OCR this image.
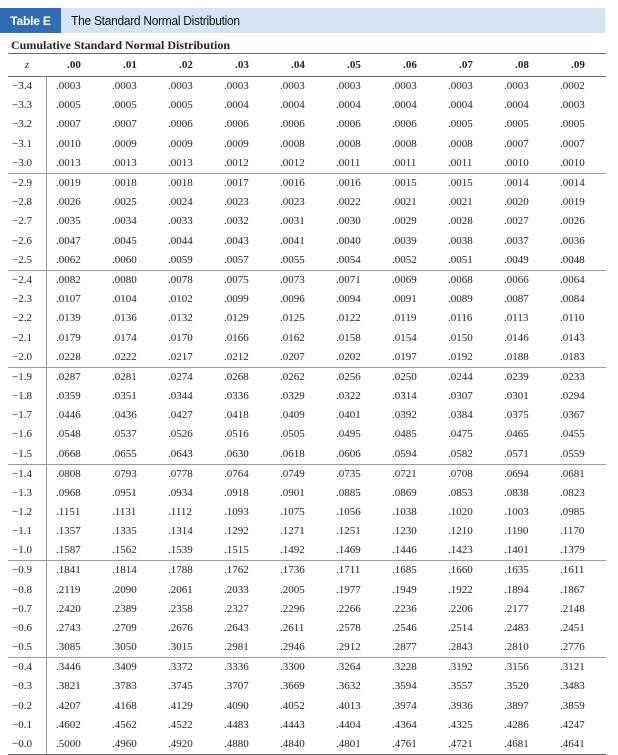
Table E	The Standard Normal Distribution
Cumulative Standard Normal Distribution
z	.00	.01	.02	.03	.04	.05	.06	.07	.08	.09
−3.4	.0003	.0003	.0003	.0003	.0003	.0003	.0003	.0003	.0003	.0002
−3.3	.0005	.0005	.0005	.0004	.0004	.0004	.0004	.0004	.0004	.0003
−3.2	.0007	.0007	.0006	.0006	.0006	.0006	.0006	.0005	.0005	.0005
−3.1	.0010	.0009	.0009	.0009	.0008	.0008	.0008	.0008	.0007	.0007
−3.0	.0013	.0013	.0013	.0012	.0012	.0011	.0011	.0011	.0010	.0010
−2.9	.0019	.0018	.0018	.0017	.0016	.0016	.0015	.0015	.0014	.0014
−2.8	.0026	.0025	.0024	.0023	.0023	.0022	.0021	.0021	.0020	.0019
−2.7	.0035	.0034	.0033	.0032	.0031	.0030	.0029	.0028	.0027	.0026
−2.6	.0047	.0045	.0044	.0043	.0041	.0040	.0039	.0038	.0037	.0036
−2.5	.0062	.0060	.0059	.0057	.0055	.0054	.0052	.0051	.0049	.0048
−2.4	.0082	.0080	.0078	.0075	.0073	.0071	.0069	.0068	.0066	.0064
−2.3	.0107	.0104	.0102	.0099	.0096	.0094	.0091	.0089	.0087	.0084
−2.2	.0139	.0136	.0132	.0129	.0125	.0122	.0119	.0116	.0113	.0110
−2.1	.0179	.0174	.0170	.0166	.0162	.0158	.0154	.0150	.0146	.0143
−2.0	.0228	.0222	.0217	.0212	.0207	.0202	.0197	.0192	.0188	.0183
−1.9	.0287	.0281	.0274	.0268	.0262	.0256	.0250	.0244	.0239	.0233
−1.8	.0359	.0351	.0344	.0336	.0329	.0322	.0314	.0307	.0301	.0294
−1.7	.0446	.0436	.0427	.0418	.0409	.0401	.0392	.0384	.0375	.0367
−1.6	.0548	.0537	.0526	.0516	.0505	.0495	.0485	.0475	.0465	.0455
−1.5	.0668	.0655	.0643	.0630	.0618	.0606	.0594	.0582	.0571	.0559
−1.4	.0808	.0793	.0778	.0764	.0749	.0735	.0721	.0708	.0694	.0681
−1.3	.0968	.0951	.0934	.0918	.0901	.0885	.0869	.0853	.0838	.0823
−1.2	.1151	.1131	.1112	.1093	.1075	.1056	.1038	.1020	.1003	.0985
−1.1	.1357	.1335	.1314	.1292	.1271	.1251	.1230	.1210	.1190	.1170
−1.0	.1587	.1562	.1539	.1515	.1492	.1469	.1446	.1423	.1401	.1379
−0.9	.1841	.1814	.1788	.1762	.1736	.1711	.1685	.1660	.1635	.1611
−0.8	.2119	.2090	.2061	.2033	.2005	.1977	.1949	.1922	.1894	.1867
−0.7	.2420	.2389	.2358	.2327	.2296	.2266	.2236	.2206	.2177	.2148
−0.6	.2743	.2709	.2676	.2643	.2611	.2578	.2546	.2514	.2483	.2451
−0.5	.3085	.3050	.3015	.2981	.2946	.2912	.2877	.2843	.2810	.2776
−0.4	.3446	.3409	.3372	.3336	.3300	.3264	.3228	.3192	.3156	.3121
−0.3	.3821	.3783	.3745	.3707	.3669	.3632	.3594	.3557	.3520	.3483
−0.2	.4207	.4168	.4129	.4090	.4052	.4013	.3974	.3936	.3897	.3859
−0.1	.4602	.4562	.4522	.4483	.4443	.4404	.4364	.4325	.4286	.4247
−0.0	.5000	.4960	.4920	.4880	.4840	.4801	.4761	.4721	.4681	.4641
